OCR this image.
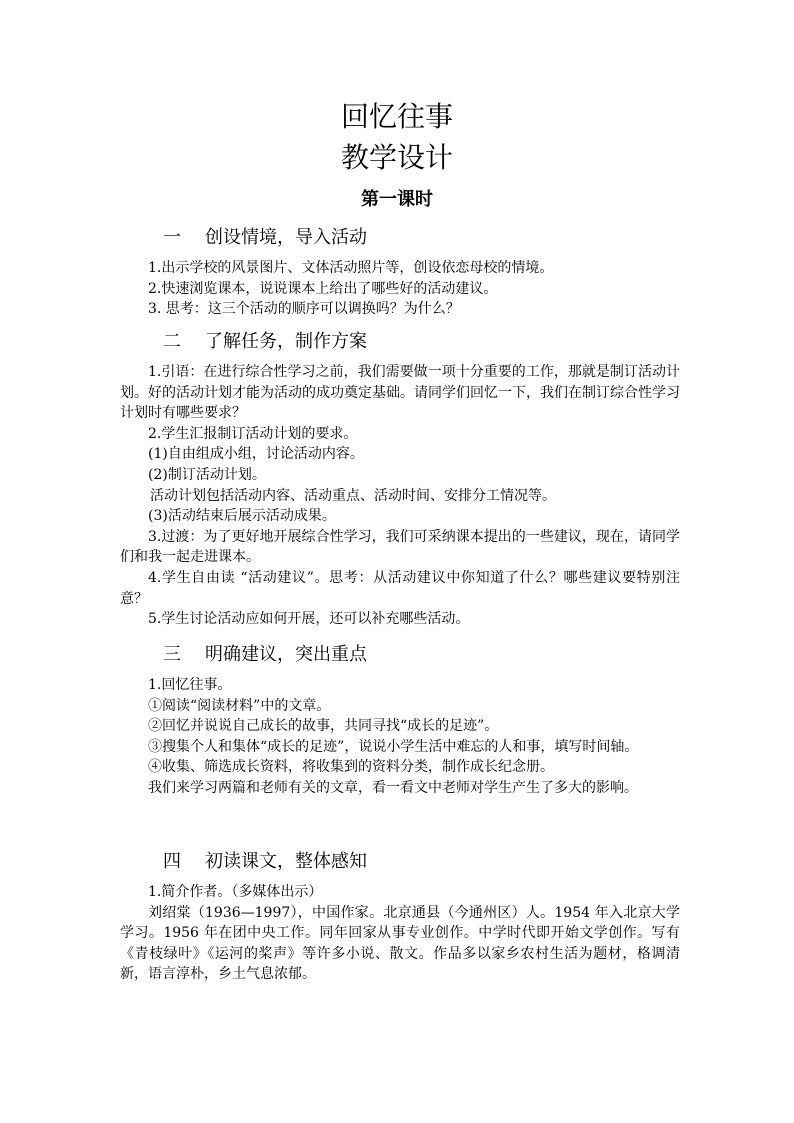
回忆往事
教学设计
第一课时
一 创设情境，导入活动

1.出示学校的风景图片、文体活动照片等，创设依恋母校的情境。

2.快速浏览课本，说说课本上给出了哪些好的活动建议。

3. 思考：这三个活动的顺序可以调换吗？为什么？

二 了解任务，制作方案

1.引语：在进行综合性学习之前，我们需要做一项十分重要的工作，那就是制订活动计划。好的活动计划才能为活动的成功奠定基础。请同学们回忆一下，我们在制订综合性学习计划时有哪些要求？

2.学生汇报制订活动计划的要求。

(1)自由组成小组，讨论活动内容。

(2)制订活动计划。

活动计划包括活动内容、活动重点、活动时间、安排分工情况等。

(3)活动结束后展示活动成果。

3.过渡：为了更好地开展综合性学习，我们可采纳课本提出的一些建议，现在，请同学们和我一起走进课本。

4.学生自由读 “活动建议”。思考：从活动建议中你知道了什么？哪些建议要特别注意？

5.学生讨论活动应如何开展，还可以补充哪些活动。

三 明确建议，突出重点

1.回忆往事。

①阅读“阅读材料”中的文章。

②回忆并说说自己成长的故事，共同寻找“成长的足迹”。

③搜集个人和集体“成长的足迹”，说说小学生活中难忘的人和事，填写时间轴。

④收集、筛选成长资料，将收集到的资料分类，制作成长纪念册。

我们来学习两篇和老师有关的文章，看一看文中老师对学生产生了多大的影响。

四 初读课文，整体感知

1.简介作者。（多媒体出示）

刘绍棠（1936—1997），中国作家。北京通县（今通州区）人。1954 年入北京大学学习。1956 年在团中央工作。同年回家从事专业创作。中学时代即开始文学创作。写有《青枝绿叶》《运河的桨声》等许多小说、散文。作品多以家乡农村生活为题材，格调清新，语言淳朴，乡土气息浓郁。
